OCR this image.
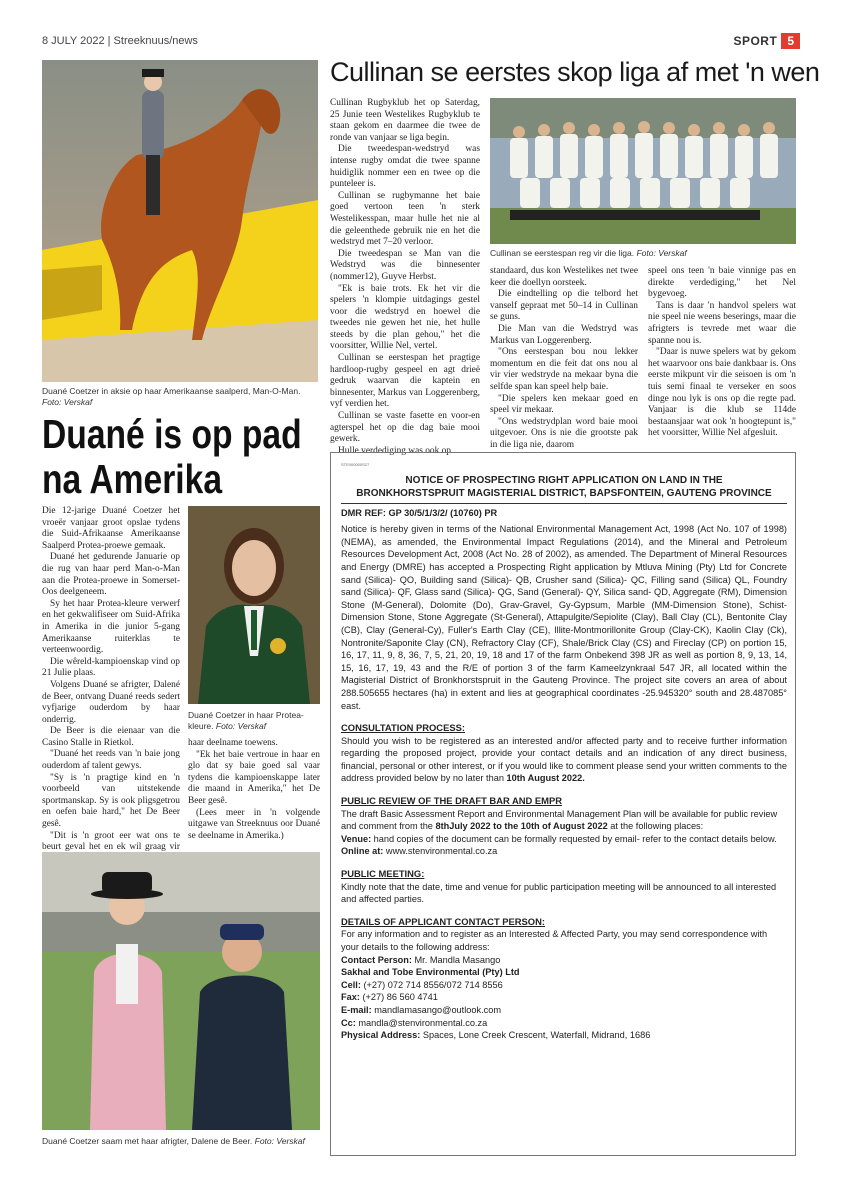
8 JULY 2022 | Streeknuus/news	SPORT 5
Duané Coetzer in aksie op haar Amerikaanse saalperd, Man-O-Man.
Foto: Verskaf
Cullinan se eerstes skop liga af met 'n wen

Cullinan Rugbyklub het op Saterdag, 25 Junie teen Westelikes Rugbyklub te staan gekom en daarmee die twee de ronde van vanjaar se liga begin.

Die tweedespan-wedstryd was intense rugby omdat die twee spanne huidiglik nommer een en twee op die punteleer is.

Cullinan se rugbymanne het baie goed vertoon teen 'n sterk Westelikesspan, maar hulle het nie al die geleenthede gebruik nie en het die wedstryd met 7–20 verloor.

Die tweedespan se Man van die Wedstryd was die binnesenter (nommer12), Guyve Herbst.

"Ek is baie trots. Ek het vir die spelers 'n klompie uitdagings gestel voor die wedstryd en hoewel die tweedes nie gewen het nie, het hulle steeds by die plan gehou," het die voorsitter, Willie Nel, vertel.

Cullinan se eerstespan het pragtige hardloop-rugby gespeel en agt drieë gedruk waarvan die kaptein en binnesenter, Markus van Loggerenberg, vyf verdien het.

Cullinan se vaste fasette en voor-en agterspel het op die dag baie mooi gewerk.

Hulle verdediging was ook op

Cullinan se eerstespan reg vir die liga. Foto: Verskaf

standaard, dus kon Westelikes net twee keer die doellyn oorsteek.

Die eindtelling op die telbord het vanself gepraat met 50–14 in Cullinan se guns.

Die Man van die Wedstryd was Markus van Loggerenberg.

"Ons eerstespan bou nou lekker momentum en die feit dat ons nou al vir vier wedstryde na mekaar byna die selfde span kan speel help baie.

"Die spelers ken mekaar goed en speel vir mekaar.

"Ons wedstrydplan word baie mooi uitgevoer. Ons is nie die grootste pak in die liga nie, daarom

speel ons teen 'n baie vinnige pas en direkte verdediging," het Nel bygevoeg.

Tans is daar 'n handvol spelers wat nie speel nie weens beserings, maar die afrigters is tevrede met waar die spanne nou is.

"Daar is nuwe spelers wat by gekom het waarvoor ons baie dankbaar is. Ons eerste mikpunt vir die seisoen is om 'n tuis semi finaal te verseker en soos dinge nou lyk is ons op die regte pad. Vanjaar is die klub se 114de bestaansjaar wat ook 'n hoogtepunt is," het voorsitter, Willie Nel afgesluit.

Duané is op pad na Amerika

Die 12-jarige Duané Coetzer het vroeër vanjaar groot opslae tydens die Suid-Afrikaanse Amerikaanse Saalperd Protea-proewe gemaak.

Duané het gedurende Januarie op die rug van haar perd Man-o-Man aan die Protea-proewe in Somerset-Oos deelgeneem.

Sy het haar Protea-kleure verwerf en het gekwalifiseer om Suid-Afrika in Amerika in die junior 5-gang Amerikaanse ruiterklas te verteenwoordig.

Die wêreld-kampioenskap vind op 21 Julie plaas.

Volgens Duané se afrigter, Dalené de Beer, ontvang Duané reeds sedert vyfjarige ouderdom by haar onderrig.

De Beer is die eienaar van die Casino Stalle in Rietkol.

"Duané het reeds van 'n baie jong ouderdom af talent gewys.

"Sy is 'n pragtige kind en 'n voorbeeld van uitstekende sportmanskap. Sy is ook pligsgetrou en oefen baie hard," het De Beer gesê.

"Dit is 'n groot eer wat ons te beurt geval het en ek wil graag vir

Duané Coetzer in haar Protea-kleure. Foto: Verskaf

haar deelname toewens.

"Ek het baie vertroue in haar en glo dat sy baie goed sal vaar tydens die kampioenskappe later die maand in Amerika," het De Beer gesê.

(Lees meer in 'n volgende uitgawe van Streeknuus oor Duané se deelname in Amerika.)

Duané Coetzer saam met haar afrigter, Dalene de Beer. Foto: Verskaf
STE000000S27
NOTICE OF PROSPECTING RIGHT APPLICATION ON LAND IN THE
BRONKHORSTSPRUIT MAGISTERIAL DISTRICT, BAPSFONTEIN, GAUTENG PROVINCE
DMR REF: GP 30/5/1/3/2/ (10760) PR

Notice is hereby given in terms of the National Environmental Management Act, 1998 (Act No. 107 of 1998) (NEMA), as amended, the Environmental Impact Regulations (2014), and the Mineral and Petroleum Resources Development Act, 2008 (Act No. 28 of 2002), as amended. The Department of Mineral Resources and Energy (DMRE) has accepted a Prospecting Right application by Mtluva Mining (Pty) Ltd for Concrete sand (Silica)- QO, Building sand (Silica)- QB, Crusher sand (Silica)- QC, Filling sand (Silica) QL, Foundry sand (Silica)- QF, Glass sand (Silica)- QG, Sand (General)- QY, Silica sand- QD, Aggregate (RM), Dimension Stone (M-General), Dolomite (Do), Grav-Gravel, Gy-Gypsum, Marble (MM-Dimension Stone), Schist-Dimension Stone, Stone Aggregate (St-General), Attapulgite/Sepiolite (Clay), Ball Clay (CL), Bentonite Clay (CB), Clay (General-Cy), Fuller's Earth Clay (CE), Illite-Montmorillonite Group (Clay-CK), Kaolin Clay (Ck), Nontronite/Saponite Clay (CN), Refractory Clay (CF), Shale/Brick Clay (CS) and Fireclay (CP) on portion 15, 16, 17, 11, 9, 8, 36, 7, 5, 21, 20, 19, 18 and 17 of the farm Onbekend 398 JR as well as portion 8, 9, 13, 14, 15, 16, 17, 19, 43 and the R/E of portion 3 of the farm Kameelzynkraal 547 JR, all located within the Magisterial District of Bronkhorstspruit in the Gauteng Province. The project site covers an area of about 288.505655 hectares (ha) in extent and lies at geographical coordinates -25.945320° south and 28.487085° east.

CONSULTATION PROCESS:

Should you wish to be registered as an interested and/or affected party and to receive further information regarding the proposed project, provide your contact details and an indication of any direct business, financial, personal or other interest, or if you would like to comment please send your written comments to the address provided below by no later than 10th August 2022.

PUBLIC REVIEW OF THE DRAFT BAR AND EMPR

The draft Basic Assessment Report and Environmental Management Plan will be available for public review and comment from the 8thJuly 2022 to the 10th of August 2022 at the following places:

Venue: hand copies of the document can be formally requested by email- refer to the contact details below.

Online at: www.stenvironmental.co.za

PUBLIC MEETING:

Kindly note that the date, time and venue for public participation meeting will be announced to all interested and affected parties.

DETAILS OF APPLICANT CONTACT PERSON:

For any information and to register as an Interested & Affected Party, you may send correspondence with your details to the following address:

Contact Person: Mr. Mandla Masango

Sakhal and Tobe Environmental (Pty) Ltd

Cell: (+27) 072 714 8556/072 714 8556

Fax: (+27) 86 560 4741

E-mail: mandlamasango@outlook.com

Cc: mandla@stenvironmental.co.za

Physical Address: Spaces, Lone Creek Crescent, Waterfall, Midrand, 1686
